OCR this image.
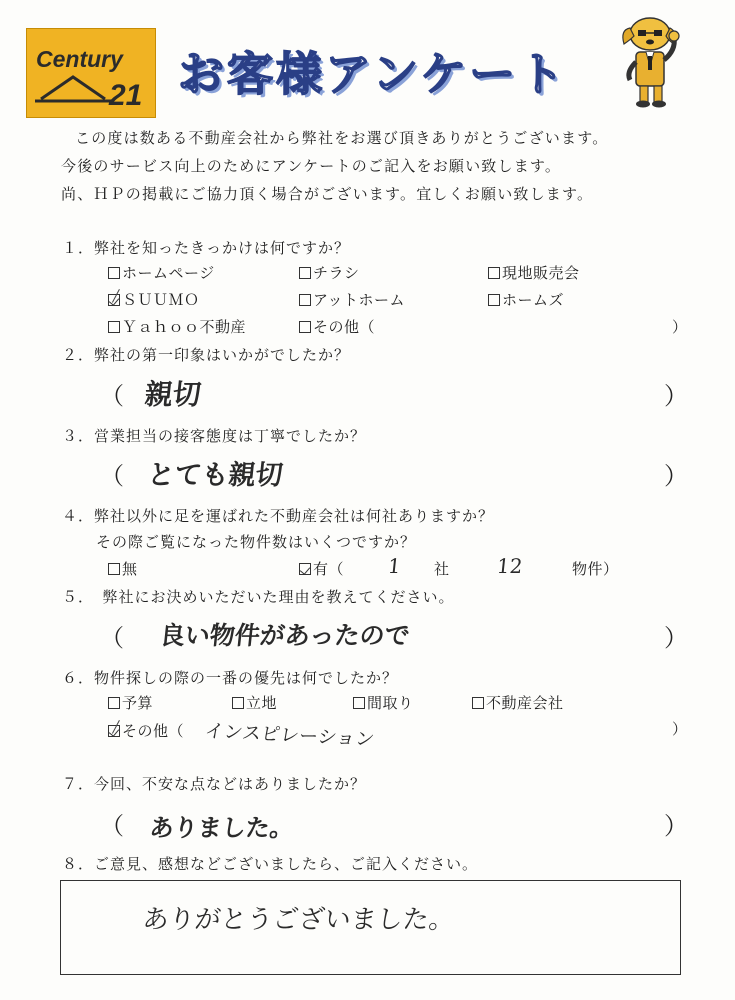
Century
21 お客様アンケート
この度は数ある不動産会社から弊社をお選び頂きありがとうございます。
今後のサービス向上のためにアンケートのご記入をお願い致します。
尚、ＨＰの掲載にご協力頂く場合がございます。宜しくお願い致します。
１．弊社を知ったきっかけは何ですか？
ホームページ	チラシ	現地販売会
ＳＵＵＭＯ	アットホーム	ホームズ
Ｙａｈｏｏ不動産	その他（	）
２．弊社の第一印象はいかがでしたか？
（ 親切	）
３．営業担当の接客態度は丁寧でしたか？
（ とても親切	）
４．弊社以外に足を運ばれた不動産会社は何社ありますか？
その際ご覧になった物件数はいくつですか？
無	有（ 1 社 12	物件）
５．　弊社にお決めいただいた理由を教えてください。
（ 良い物件があったので	）
６．物件探しの際の一番の優先は何でしたか？
予算	立地	間取り	不動産会社
その他（ インスピレーション	）
７．今回、不安な点などはありましたか？
（ ありました。	）
８．ご意見、感想などございましたら、ご記入ください。
ありがとうございました。
